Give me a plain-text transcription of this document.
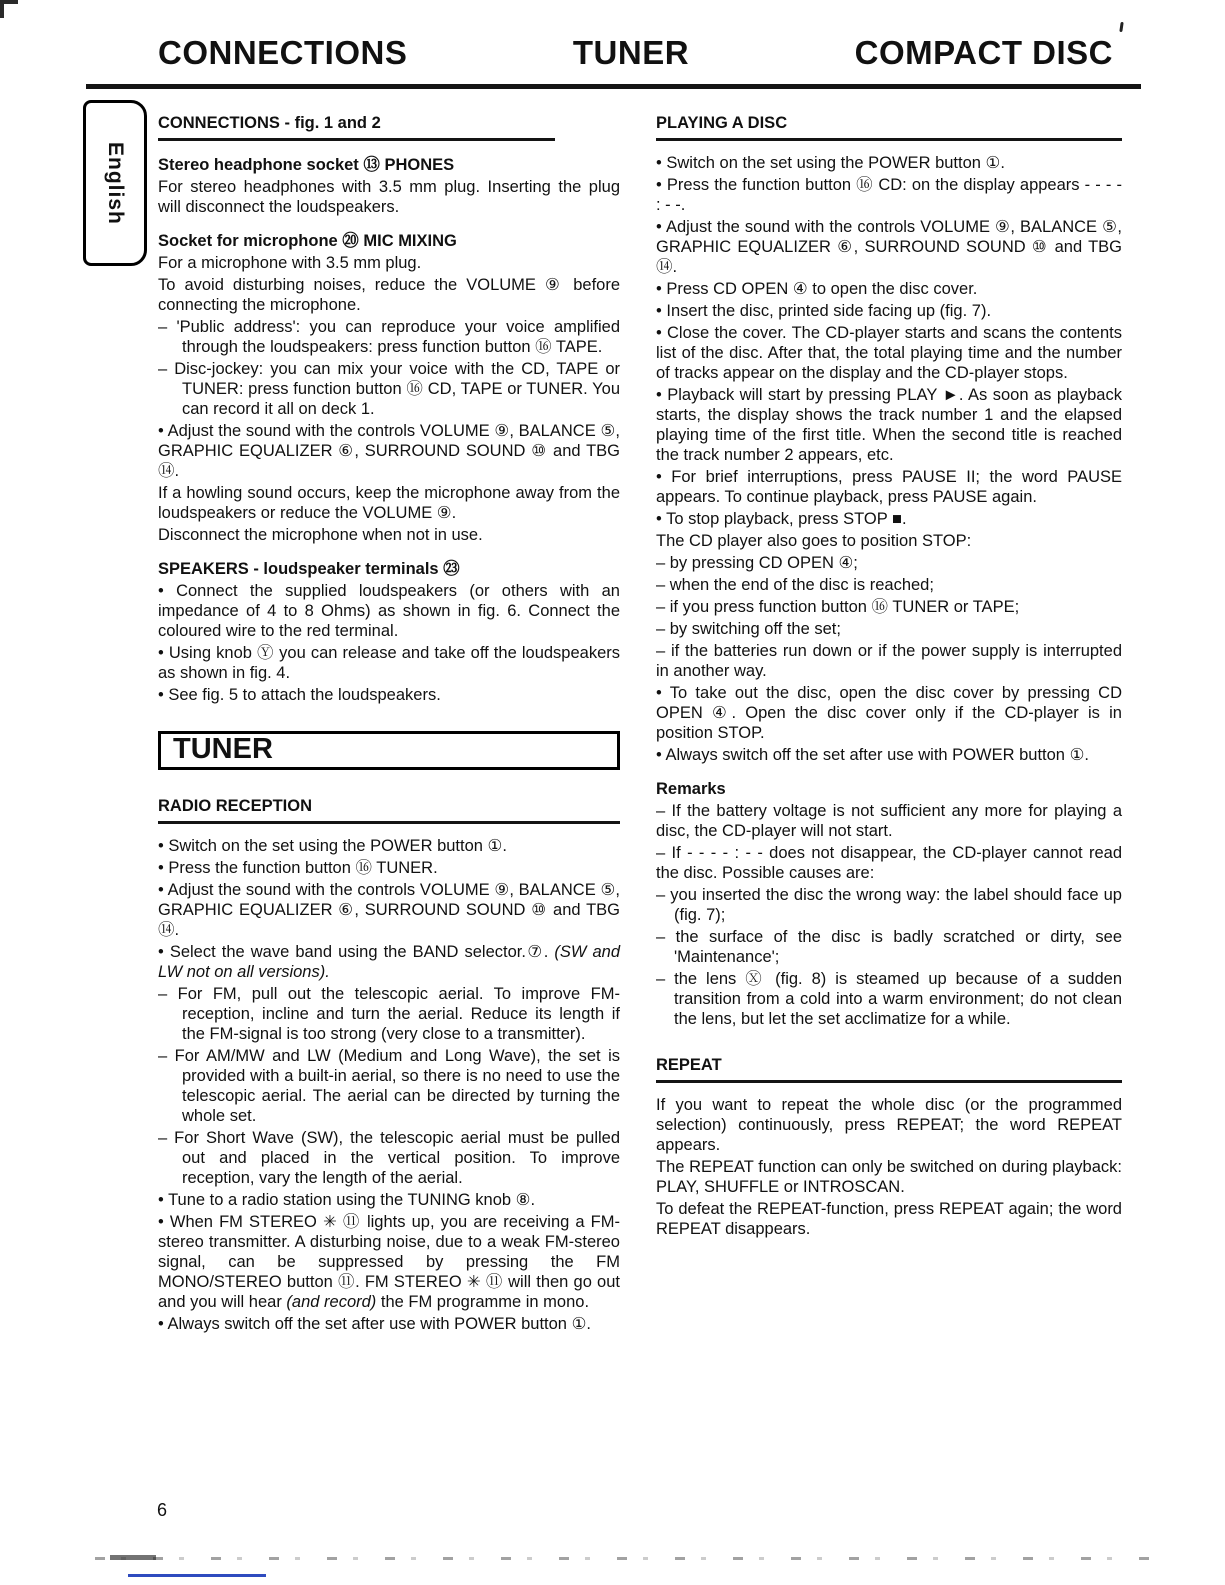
CONNECTIONS	TUNER	COMPACT DISC
English
CONNECTIONS - fig. 1 and 2
Stereo headphone socket ⑬ PHONES
For stereo headphones with 3.5 mm plug. Inserting the plug will disconnect the loudspeakers.
Socket for microphone ⑳ MIC MIXING
For a microphone with 3.5 mm plug.
To avoid disturbing noises, reduce the VOLUME ⑨ before connecting the microphone.
– 'Public address': you can reproduce your voice amplified through the loudspeakers: press function button ⑯ TAPE.
– Disc-jockey: you can mix your voice with the CD, TAPE or TUNER: press function button ⑯ CD, TAPE or TUNER. You can record it all on deck 1.
• Adjust the sound with the controls VOLUME ⑨, BALANCE ⑤, GRAPHIC EQUALIZER ⑥, SURROUND SOUND ⑩ and TBG ⑭.
If a howling sound occurs, keep the microphone away from the loudspeakers or reduce the VOLUME ⑨.
Disconnect the microphone when not in use.
SPEAKERS - loudspeaker terminals ㉓
• Connect the supplied loudspeakers (or others with an impedance of 4 to 8 Ohms) as shown in fig. 6. Connect the coloured wire to the red terminal.
• Using knob Ⓨ you can release and take off the loudspeakers as shown in fig. 4.
• See fig. 5 to attach the loudspeakers.
TUNER
RADIO RECEPTION
• Switch on the set using the POWER button ①.
• Press the function button ⑯ TUNER.
• Adjust the sound with the controls VOLUME ⑨, BALANCE ⑤, GRAPHIC EQUALIZER ⑥, SURROUND SOUND ⑩ and TBG ⑭.
• Select the wave band using the BAND selector.⑦. (SW and LW not on all versions).
– For FM, pull out the telescopic aerial. To improve FM-reception, incline and turn the aerial. Reduce its length if the FM-signal is too strong (very close to a transmitter).
– For AM/MW and LW (Medium and Long Wave), the set is provided with a built-in aerial, so there is no need to use the telescopic aerial. The aerial can be directed by turning the whole set.
– For Short Wave (SW), the telescopic aerial must be pulled out and placed in the vertical position. To improve reception, vary the length of the aerial.
• Tune to a radio station using the TUNING knob ⑧.
• When FM STEREO ✳ ⑪ lights up, you are receiving a FM-stereo transmitter. A disturbing noise, due to a weak FM-stereo signal, can be suppressed by pressing the FM MONO/STEREO button ⑪. FM STEREO ✳ ⑪ will then go out and you will hear (and record) the FM programme in mono.
• Always switch off the set after use with POWER button ①.
PLAYING A DISC
• Switch on the set using the POWER button ①.
• Press the function button ⑯ CD: on the display appears - - - - : - -.
• Adjust the sound with the controls VOLUME ⑨, BALANCE ⑤, GRAPHIC EQUALIZER ⑥, SURROUND SOUND ⑩ and TBG ⑭.
• Press CD OPEN ④ to open the disc cover.
• Insert the disc, printed side facing up (fig. 7).
• Close the cover. The CD-player starts and scans the contents list of the disc. After that, the total playing time and the number of tracks appear on the display and the CD-player stops.
• Playback will start by pressing PLAY ►. As soon as playback starts, the display shows the track number 1 and the elapsed playing time of the first title. When the second title is reached the track number 2 appears, etc.
• For brief interruptions, press PAUSE II; the word PAUSE appears. To continue playback, press PAUSE again.
• To stop playback, press STOP ■.
The CD player also goes to position STOP:
– by pressing CD OPEN ④;
– when the end of the disc is reached;
– if you press function button ⑯ TUNER or TAPE;
– by switching off the set;
– if the batteries run down or if the power supply is interrupted in another way.
• To take out the disc, open the disc cover by pressing CD OPEN ④. Open the disc cover only if the CD-player is in position STOP.
• Always switch off the set after use with POWER button ①.
Remarks
– If the battery voltage is not sufficient any more for playing a disc, the CD-player will not start.
– If - - - - : - - does not disappear, the CD-player cannot read the disc. Possible causes are:
– you inserted the disc the wrong way: the label should face up (fig. 7);
– the surface of the disc is badly scratched or dirty, see 'Maintenance';
– the lens Ⓧ (fig. 8) is steamed up because of a sudden transition from a cold into a warm environment; do not clean the lens, but let the set acclimatize for a while.
REPEAT
If you want to repeat the whole disc (or the programmed selection) continuously, press REPEAT; the word REPEAT appears.
The REPEAT function can only be switched on during playback: PLAY, SHUFFLE or INTROSCAN.
To defeat the REPEAT-function, press REPEAT again; the word REPEAT disappears.
6
